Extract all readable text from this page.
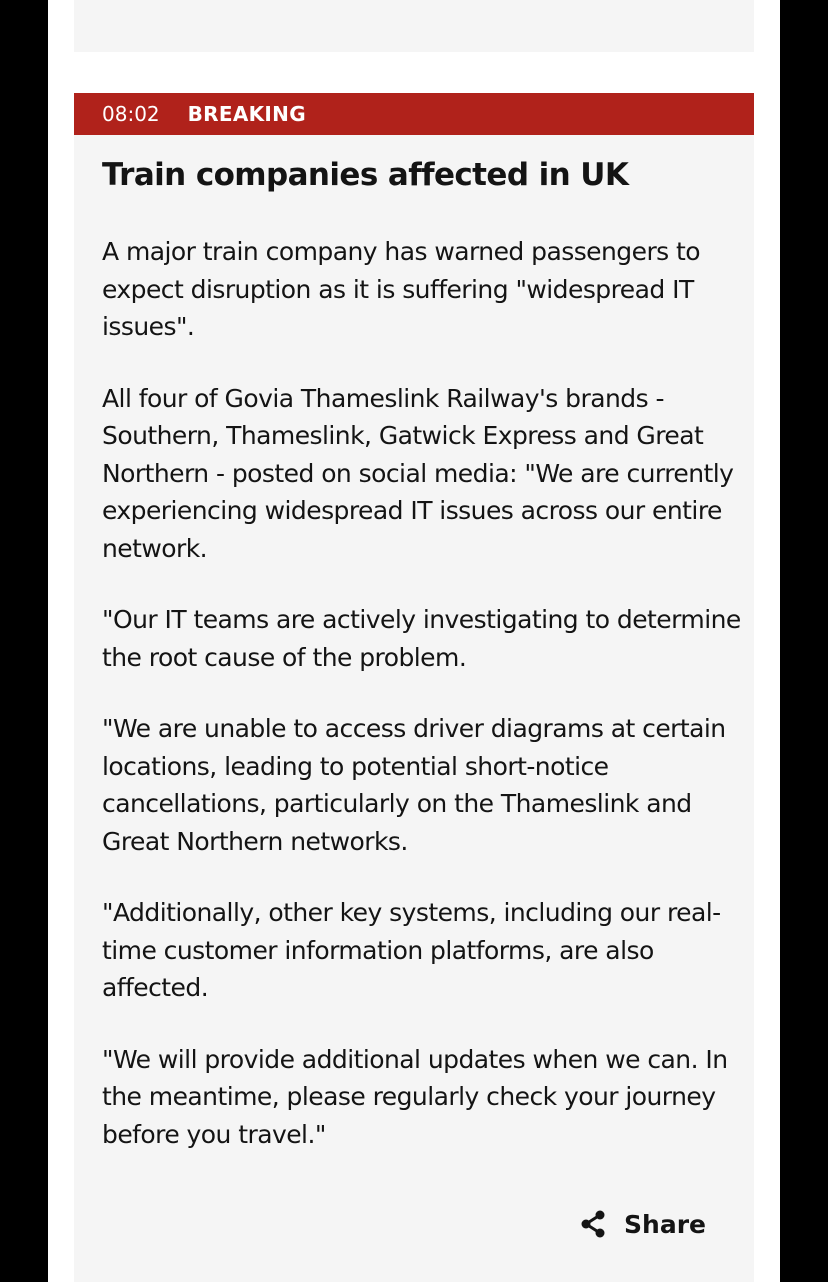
08:02 BREAKING
Train companies affected in UK

A major train company has warned passengers to expect disruption as it is suffering "widespread IT issues".

All four of Govia Thameslink Railway's brands - Southern, Thameslink, Gatwick Express and Great Northern - posted on social media: "We are currently experiencing widespread IT issues across our entire network.

"Our IT teams are actively investigating to determine the root cause of the problem.

"We are unable to access driver diagrams at certain locations, leading to potential short-notice cancellations, particularly on the Thameslink and Great Northern networks.

"Additionally, other key systems, including our real-time customer information platforms, are also affected.

"We will provide additional updates when we can. In the meantime, please regularly check your journey before you travel."

Share
